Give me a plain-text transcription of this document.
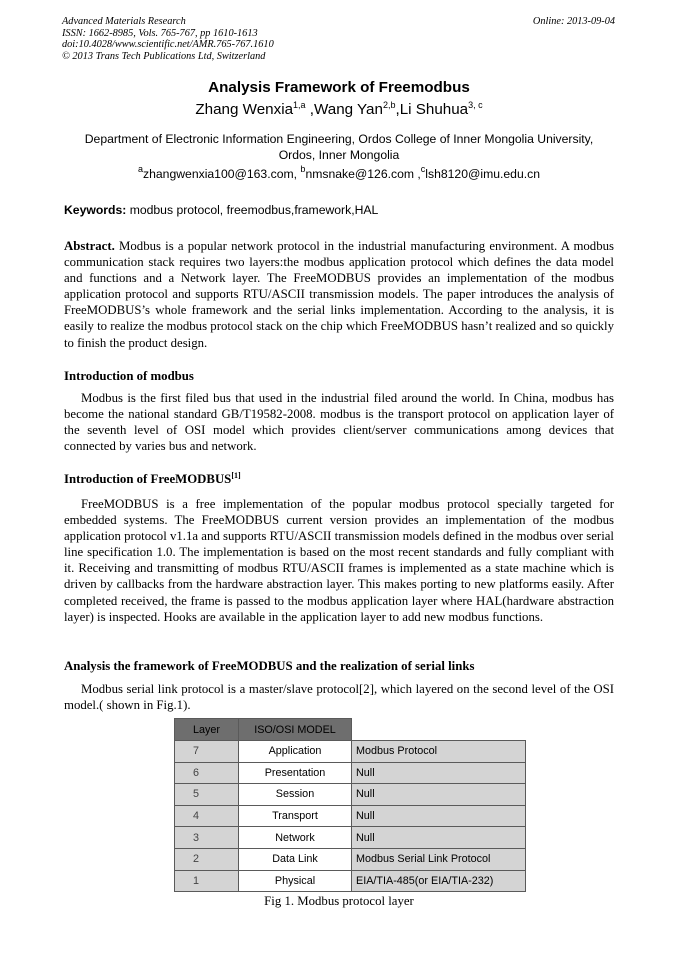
Advanced Materials Research
ISSN: 1662-8985, Vols. 765-767, pp 1610-1613
doi:10.4028/www.scientific.net/AMR.765-767.1610
© 2013 Trans Tech Publications Ltd, Switzerland
Online: 2013-09-04
Analysis Framework of Freemodbus
Zhang Wenxia$^{1,a}$ ,Wang Yan$^{2,b}$,Li Shuhua$^{3, c}$
Department of Electronic Information Engineering, Ordos College of Inner Mongolia University, Ordos, Inner Mongolia
$^a$zhangwenxia100@163.com, $^b$nmsnake@126.com ,$^c$lsh8120@imu.edu.cn
Keywords: modbus protocol, freemodbus,framework,HAL
Abstract. Modbus is a popular network protocol in the industrial manufacturing environment. A modbus communication stack requires two layers:the modbus application protocol which defines the data model and functions and a Network layer. The FreeMODBUS provides an implementation of the modbus application protocol and supports RTU/ASCII transmission models. The paper introduces the analysis of FreeMODBUS’s whole framework and the serial links implementation. According to the analysis, it is easily to realize the modbus protocol stack on the chip which FreeMODBUS hasn’t realized and so quickly to finish the product design.
Introduction of modbus
Modbus is the first filed bus that used in the industrial filed around the world. In China, modbus has become the national standard GB/T19582-2008. modbus is the transport protocol on application layer of the seventh level of OSI model which provides client/server communications among devices that connected by varies bus and network.
Introduction of FreeMODBUS[1]
FreeMODBUS is a free implementation of the popular modbus protocol specially targeted for embedded systems. The FreeMODBUS current version provides an implementation of the modbus application protocol v1.1a and supports RTU/ASCII transmission models defined in the modbus over serial line specification 1.0. The implementation is based on the most recent standards and fully compliant with it. Receiving and transmitting of modbus RTU/ASCII frames is implemented as a state machine which is driven by callbacks from the hardware abstraction layer. This makes porting to new platforms easily. After completed received, the frame is passed to the modbus application layer where HAL(hardware abstraction layer) is inspected. Hooks are available in the application layer to add new modbus functions.
Analysis the framework of FreeMODBUS and the realization of serial links
Modbus serial link protocol is a master/slave protocol[2], which layered on the second level of the OSI model.( shown in Fig.1).
Layer	ISO/OSI MODEL	
7	Application	Modbus Protocol
6	Presentation	Null
5	Session	Null
4	Transport	Null
3	Network	Null
2	Data Link	Modbus Serial Link Protocol
1	Physical	EIA/TIA-485(or EIA/TIA-232)
Fig 1. Modbus protocol layer
